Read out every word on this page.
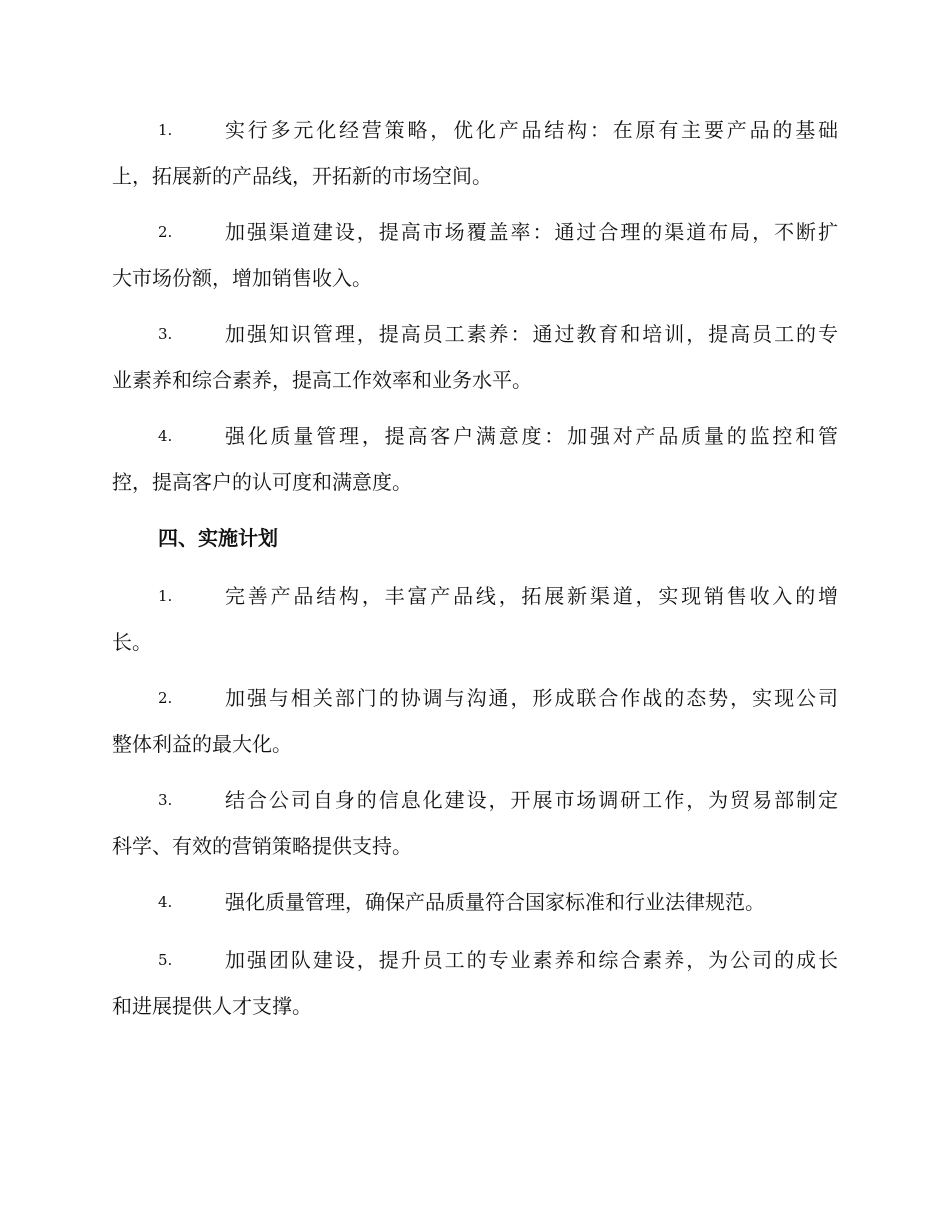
1.	实行多元化经营策略，优化产品结构：在原有主要产品的基础
上，拓展新的产品线，开拓新的市场空间。
2.	加强渠道建设，提高市场覆盖率：通过合理的渠道布局，不断扩
大市场份额，增加销售收入。
3.	加强知识管理，提高员工素养：通过教育和培训，提高员工的专
业素养和综合素养，提高工作效率和业务水平。
4.	强化质量管理，提高客户满意度：加强对产品质量的监控和管
控，提高客户的认可度和满意度。
四、实施计划
1.	完善产品结构，丰富产品线，拓展新渠道，实现销售收入的增
长。
2.	加强与相关部门的协调与沟通，形成联合作战的态势，实现公司
整体利益的最大化。
3.	结合公司自身的信息化建设，开展市场调研工作，为贸易部制定
科学、有效的营销策略提供支持。
4.	强化质量管理，确保产品质量符合国家标准和行业法律规范。
5.	加强团队建设，提升员工的专业素养和综合素养，为公司的成长
和进展提供人才支撑。
